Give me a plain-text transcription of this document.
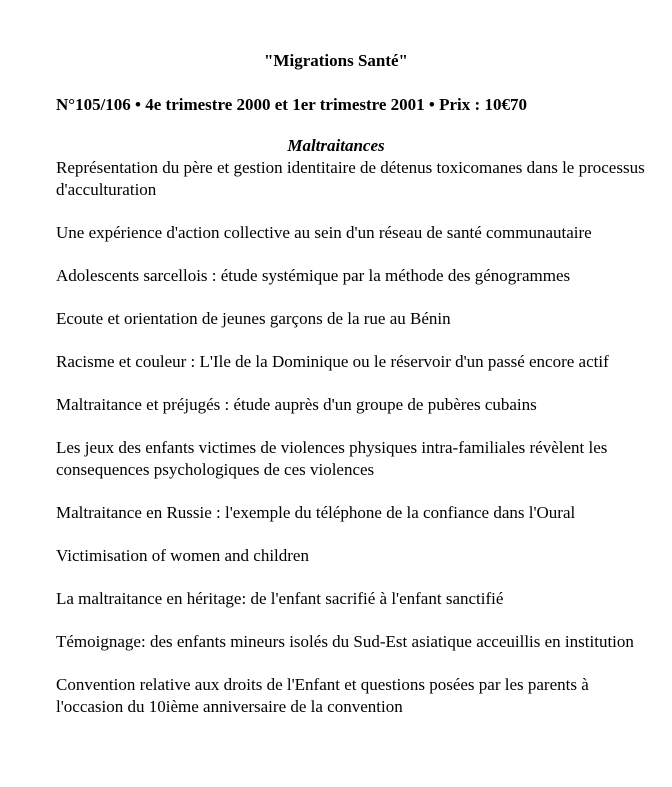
"Migrations Santé"

N°105/106 • 4e trimestre 2000 et 1er trimestre 2001 • Prix : 10€70

Maltraitances
Représentation du père et gestion identitaire de détenus toxicomanes dans le processus d'acculturation
Une expérience d'action collective au sein d'un réseau de santé communautaire
Adolescents sarcellois : étude systémique par la méthode des génogrammes
Ecoute et orientation de jeunes garçons de la rue au Bénin
Racisme et couleur : L'Ile de la Dominique ou le réservoir d'un passé encore actif
Maltraitance et préjugés : étude auprès d'un groupe de pubères cubains
Les jeux des enfants victimes de violences physiques intra-familiales révèlent les consequences psychologiques de ces violences
Maltraitance en Russie : l'exemple du téléphone de la confiance dans l'Oural
Victimisation of women and children
La maltraitance en héritage: de l'enfant sacrifié à l'enfant sanctifié
Témoignage: des enfants mineurs isolés du Sud-Est asiatique acceuillis en institution
Convention relative aux droits de l'Enfant et questions posées par les parents à l'occasion du 10ième anniversaire de la convention
